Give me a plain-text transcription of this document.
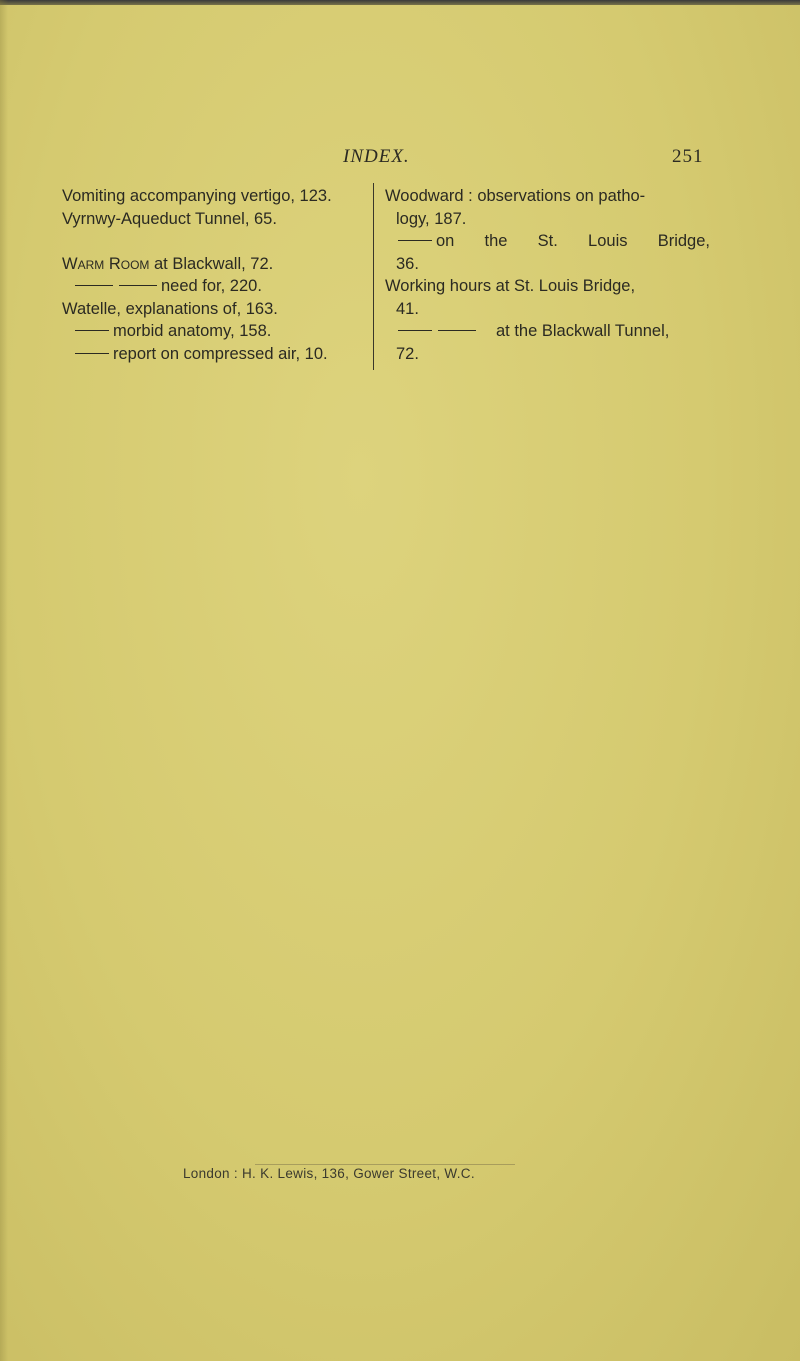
INDEX.	251
Vomiting accompanying vertigo, 123.
Vyrnwy-Aqueduct Tunnel, 65.
Warm Room at Blackwall, 72.
need for, 220.
Watelle, explanations of, 163.
morbid anatomy, 158.
report on compressed air, 10.
Woodward : observations on patho-
logy, 187.
on the St. Louis Bridge,
36.
Working hours at St. Louis Bridge,
41.
at the Blackwall Tunnel,
72.
London : H. K. Lewis, 136, Gower Street, W.C.
